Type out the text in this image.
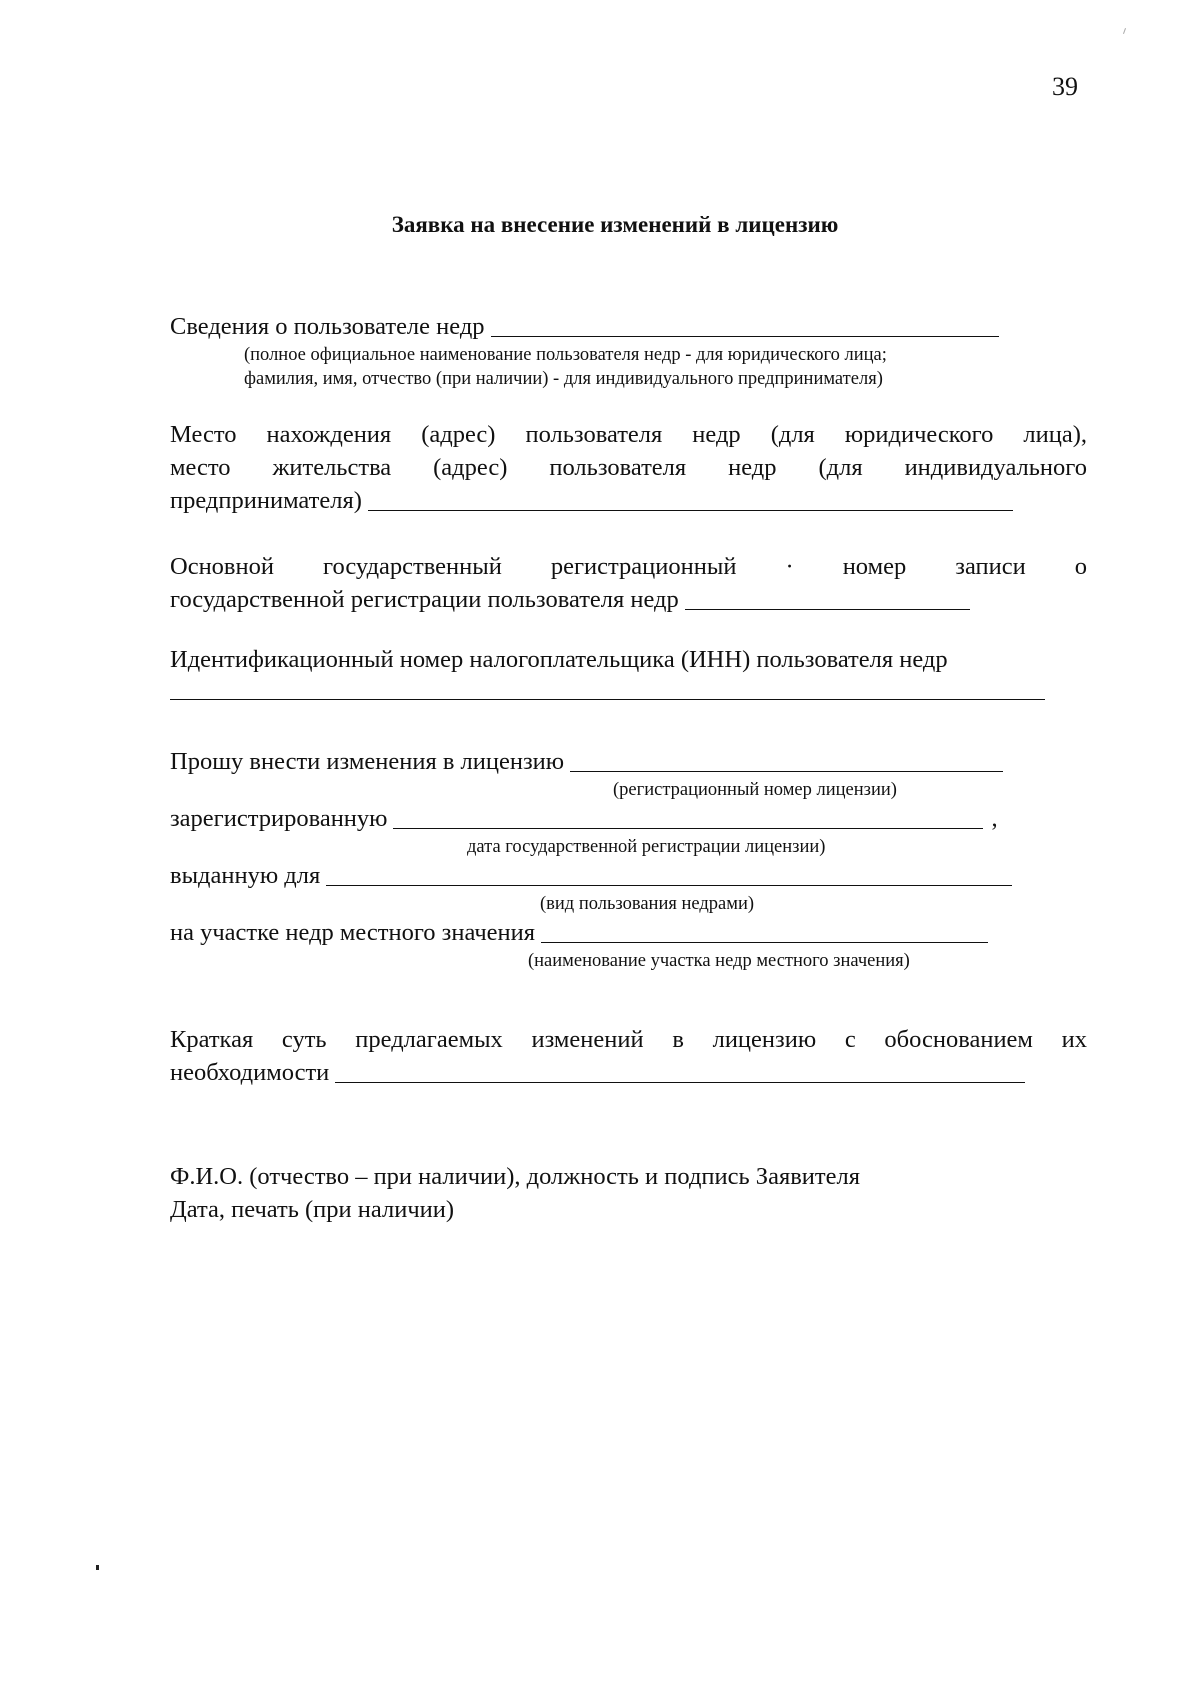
39
Заявка на внесение изменений в лицензию
Сведения о пользователе недр
(полное официальное наименование пользователя недр - для юридического лица;
фамилия, имя, отчество (при наличии) - для индивидуального предпринимателя)
Место нахождения (адрес) пользователя недр (для юридического лица),
место жительства (адрес) пользователя недр (для индивидуального
предпринимателя)
Основной государственный регистрационный · номер записи о
государственной регистрации пользователя недр
Идентификационный номер налогоплательщика (ИНН) пользователя недр
Прошу внести изменения в лицензию
(регистрационный номер лицензии)
зарегистрированную	,
дата государственной регистрации лицензии)
выданную для
(вид пользования недрами)
на участке недр местного значения
(наименование участка недр местного значения)
Краткая суть предлагаемых изменений в лицензию с обоснованием их
необходимости
Ф.И.О. (отчество – при наличии), должность и подпись Заявителя
Дата, печать (при наличии)
